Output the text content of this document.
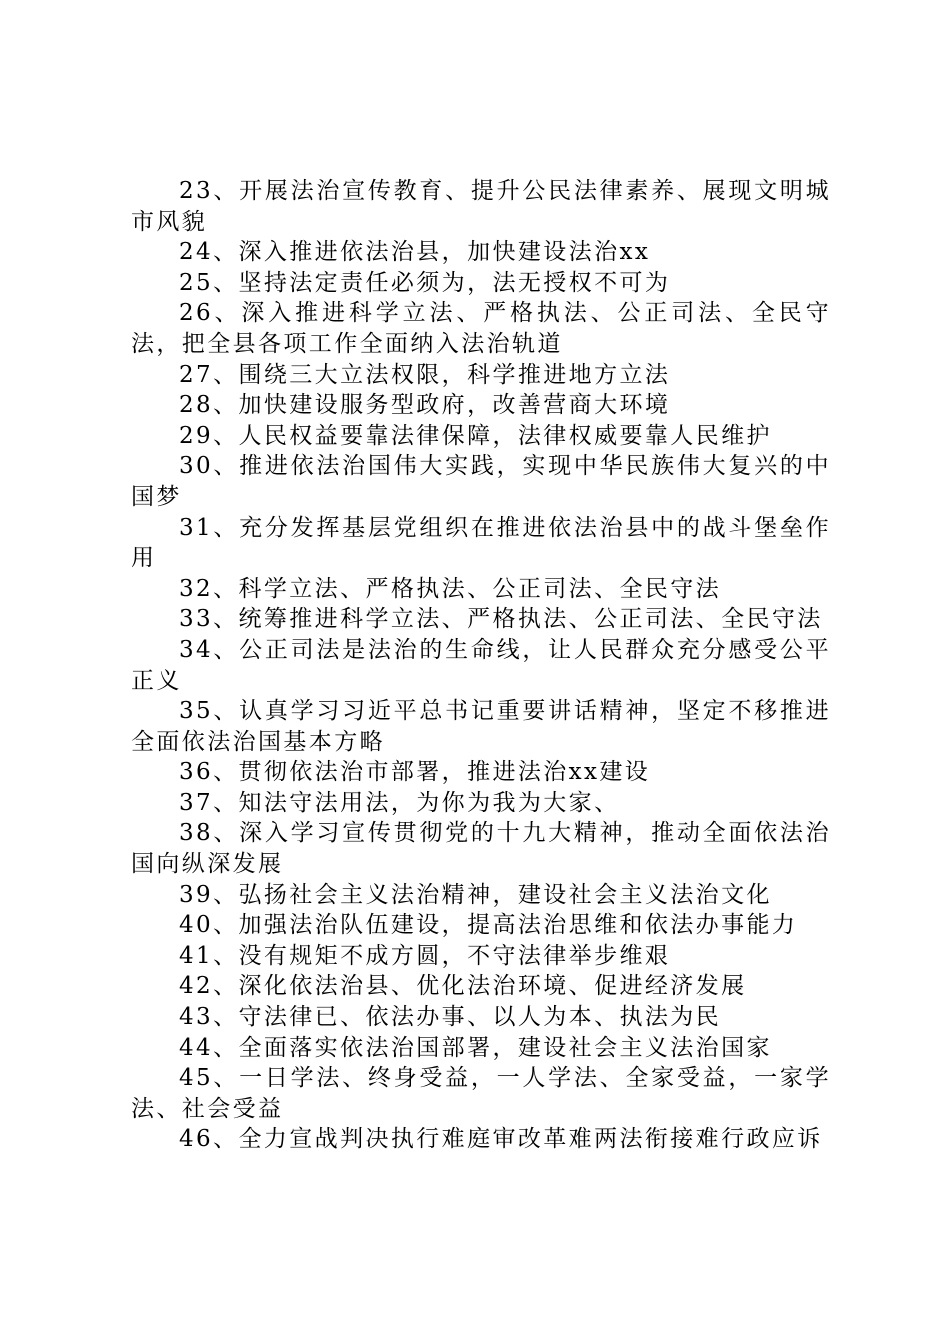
23、开展法治宣传教育、提升公民法律素养、展现文明城市风貌

24、深入推进依法治县，加快建设法治xx

25、坚持法定责任必须为，法无授权不可为

26、深入推进科学立法、严格执法、公正司法、全民守法，把全县各项工作全面纳入法治轨道

27、围绕三大立法权限，科学推进地方立法

28、加快建设服务型政府，改善营商大环境

29、人民权益要靠法律保障，法律权威要靠人民维护

30、推进依法治国伟大实践，实现中华民族伟大复兴的中国梦

31、充分发挥基层党组织在推进依法治县中的战斗堡垒作用

32、科学立法、严格执法、公正司法、全民守法

33、统筹推进科学立法、严格执法、公正司法、全民守法

34、公正司法是法治的生命线，让人民群众充分感受公平正义

35、认真学习习近平总书记重要讲话精神，坚定不移推进全面依法治国基本方略

36、贯彻依法治市部署，推进法治xx建设

37、知法守法用法，为你为我为大家、

38、深入学习宣传贯彻党的十九大精神，推动全面依法治国向纵深发展

39、弘扬社会主义法治精神，建设社会主义法治文化

40、加强法治队伍建设，提高法治思维和依法办事能力

41、没有规矩不成方圆，不守法律举步维艰

42、深化依法治县、优化法治环境、促进经济发展

43、守法律已、依法办事、以人为本、执法为民

44、全面落实依法治国部署，建设社会主义法治国家

45、一日学法、终身受益，一人学法、全家受益，一家学法、社会受益

46、全力宣战判决执行难庭审改革难两法衔接难行政应诉
